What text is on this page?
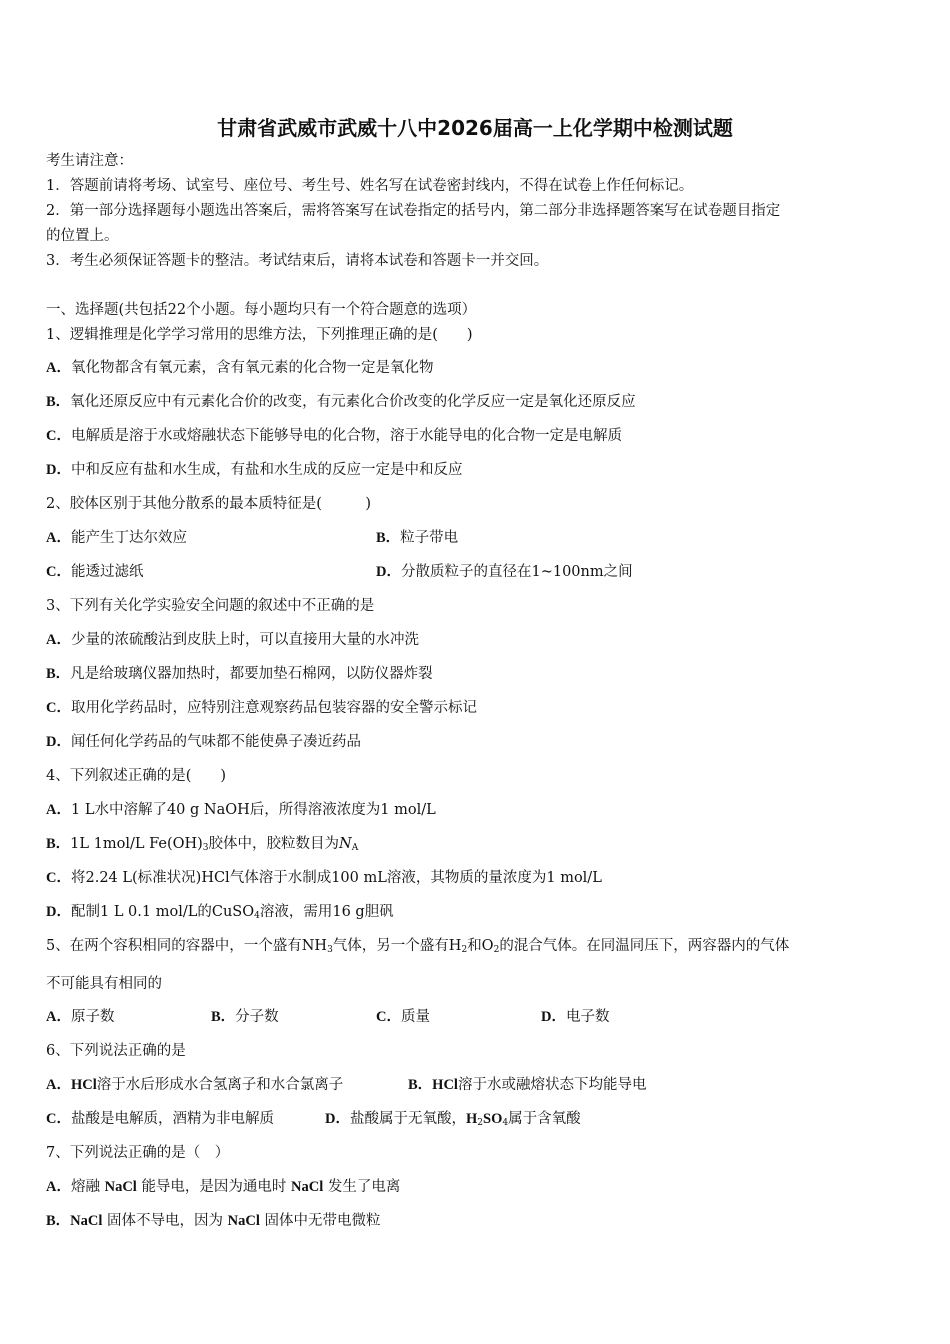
甘肃省武威市武威十八中2026届高一上化学期中检测试题
考生请注意：
1．答题前请将考场、试室号、座位号、考生号、姓名写在试卷密封线内，不得在试卷上作任何标记。
2．第一部分选择题每小题选出答案后，需将答案写在试卷指定的括号内，第二部分非选择题答案写在试卷题目指定
的位置上。
3．考生必须保证答题卡的整洁。考试结束后，请将本试卷和答题卡一并交回。
一、选择题(共包括22个小题。每小题均只有一个符合题意的选项）
1、逻辑推理是化学学习常用的思维方法，下列推理正确的是(　　)
A．氧化物都含有氧元素，含有氧元素的化合物一定是氧化物
B．氧化还原反应中有元素化合价的改变，有元素化合价改变的化学反应一定是氧化还原反应
C．电解质是溶于水或熔融状态下能够导电的化合物，溶于水能导电的化合物一定是电解质
D．中和反应有盐和水生成，有盐和水生成的反应一定是中和反应
2、胶体区别于其他分散系的最本质特征是(　　　)
A．能产生丁达尔效应	B．粒子带电
C．能透过滤纸	D．分散质粒子的直径在1~100nm之间
3、下列有关化学实验安全问题的叙述中不正确的是
A．少量的浓硫酸沾到皮肤上时，可以直接用大量的水冲洗
B．凡是给玻璃仪器加热时，都要加垫石棉网，以防仪器炸裂
C．取用化学药品时，应特别注意观察药品包装容器的安全警示标记
D．闻任何化学药品的气味都不能使鼻子凑近药品
4、下列叙述正确的是(　　)
A．1 L水中溶解了40 g NaOH后，所得溶液浓度为1 mol/L
B．1L 1mol/L $Fe(OH)_3$胶体中，胶粒数目为$N_A$
C．将2.24 L(标准状况)HCl气体溶于水制成100 mL溶液，其物质的量浓度为1 mol/L
D．配制1 L 0.1 mol/L的CuSO$_4$溶液，需用16 g胆矾
5、在两个容积相同的容器中，一个盛有$NH_3$气体，另一个盛有$H_2$和$O_2$的混合气体。在同温同压下，两容器内的气体
不可能具有相同的
A．原子数	B．分子数	C．质量	D．电子数
6、下列说法正确的是
A．HCl溶于水后形成水合氢离子和水合氯离子	B．HCl溶于水或融熔状态下均能导电
C．盐酸是电解质，酒精为非电解质	D．盐酸属于无氧酸，$H_2SO_4$属于含氧酸
7、下列说法正确的是（　）
A．熔融 NaCl 能导电，是因为通电时 NaCl 发生了电离
B．NaCl 固体不导电，因为 NaCl 固体中无带电微粒
